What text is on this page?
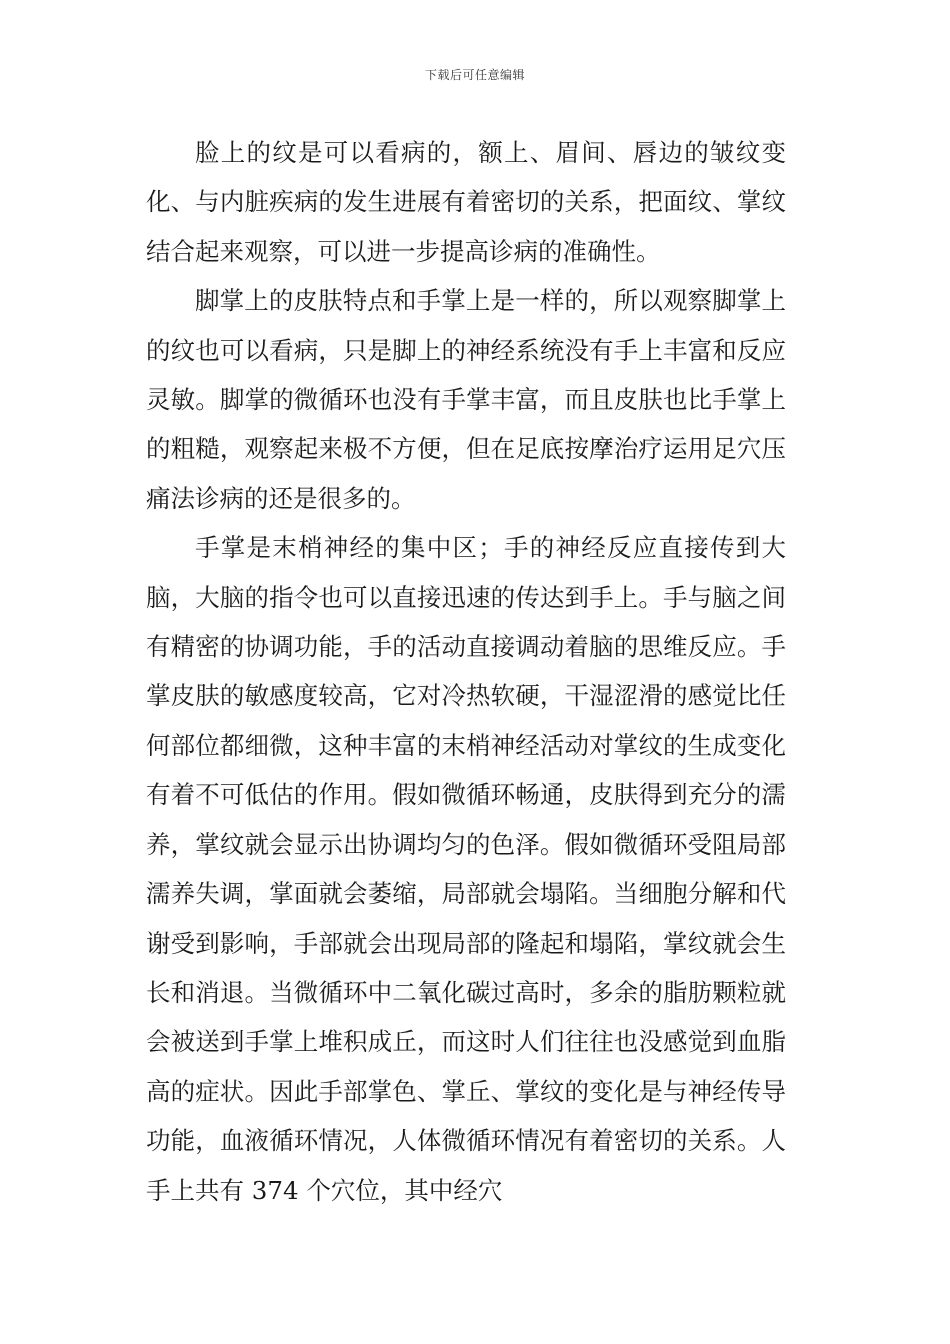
下载后可任意编辑

脸上的纹是可以看病的，额上、眉间、唇边的皱纹变化、与内脏疾病的发生进展有着密切的关系，把面纹、掌纹结合起来观察，可以进一步提高诊病的准确性。

脚掌上的皮肤特点和手掌上是一样的，所以观察脚掌上的纹也可以看病，只是脚上的神经系统没有手上丰富和反应灵敏。脚掌的微循环也没有手掌丰富，而且皮肤也比手掌上的粗糙，观察起来极不方便，但在足底按摩治疗运用足穴压痛法诊病的还是很多的。

手掌是末梢神经的集中区；手的神经反应直接传到大脑，大脑的指令也可以直接迅速的传达到手上。手与脑之间有精密的协调功能，手的活动直接调动着脑的思维反应。手掌皮肤的敏感度较高，它对冷热软硬，干湿涩滑的感觉比任何部位都细微，这种丰富的末梢神经活动对掌纹的生成变化有着不可低估的作用。假如微循环畅通，皮肤得到充分的濡养，掌纹就会显示出协调均匀的色泽。假如微循环受阻局部濡养失调，掌面就会萎缩，局部就会塌陷。当细胞分解和代谢受到影响，手部就会出现局部的隆起和塌陷，掌纹就会生长和消退。当微循环中二氧化碳过高时，多余的脂肪颗粒就会被送到手掌上堆积成丘，而这时人们往往也没感觉到血脂高的症状。因此手部掌色、掌丘、掌纹的变化是与神经传导功能，血液循环情况，人体微循环情况有着密切的关系。人手上共有 374 个穴位，其中经穴
